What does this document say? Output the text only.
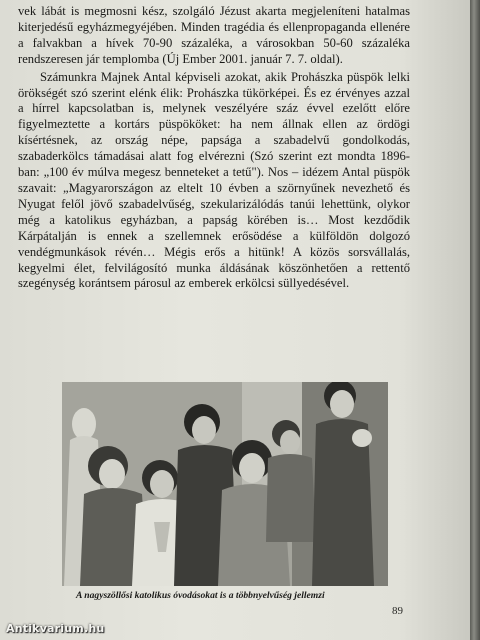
vek lábát is megmosni kész, szolgáló Jézust akarta megjeleníteni hatalmas kiterjedésű egyházmegyéjében. Minden tragédia és ellenpropaganda ellenére a falvakban a hívek 70-90 százaléka, a városokban 50-60 százaléka rendszeresen jár templomba (Új Ember 2001. január 7. 7. oldal).

Számunkra Majnek Antal képviseli azokat, akik Prohászka püspök lelki örökségét szó szerint elénk élik: Prohászka tükörképei. És ez érvényes azzal a hírrel kapcsolatban is, melynek veszélyére száz évvel ezelőtt előre figyelmeztette a kortárs püspököket: ha nem állnak ellen az ördögi kísértésnek, az ország népe, papsága a szabadelvű gondolkodás, szabaderkölcs támadásai alatt fog elvérezni (Szó szerint ezt mondta 1896-ban: „100 év múlva megesz benneteket a tetű"). Nos – idézem Antal püspök szavait: „Magyarországon az eltelt 10 évben a szörnyűnek nevezhető és Nyugat felől jövő szabadelvűség, szekularizálódás tanúi lehettünk, olykor még a katolikus egyházban, a papság körében is… Most kezdődik Kárpátalján is ennek a szellemnek erősödése a külföldön dolgozó vendégmunkások révén… Mégis erős a hitünk! A közös sorsvállalás, kegyelmi élet, felvilágosító munka áldásának köszönhetően a rettentő szegénység korántsem párosul az emberek erkölcsi süllyedésével.

A nagyszöllősi katolikus óvodásokat is a többnyelvűség jellemzi
89
Antikvarium.hu
